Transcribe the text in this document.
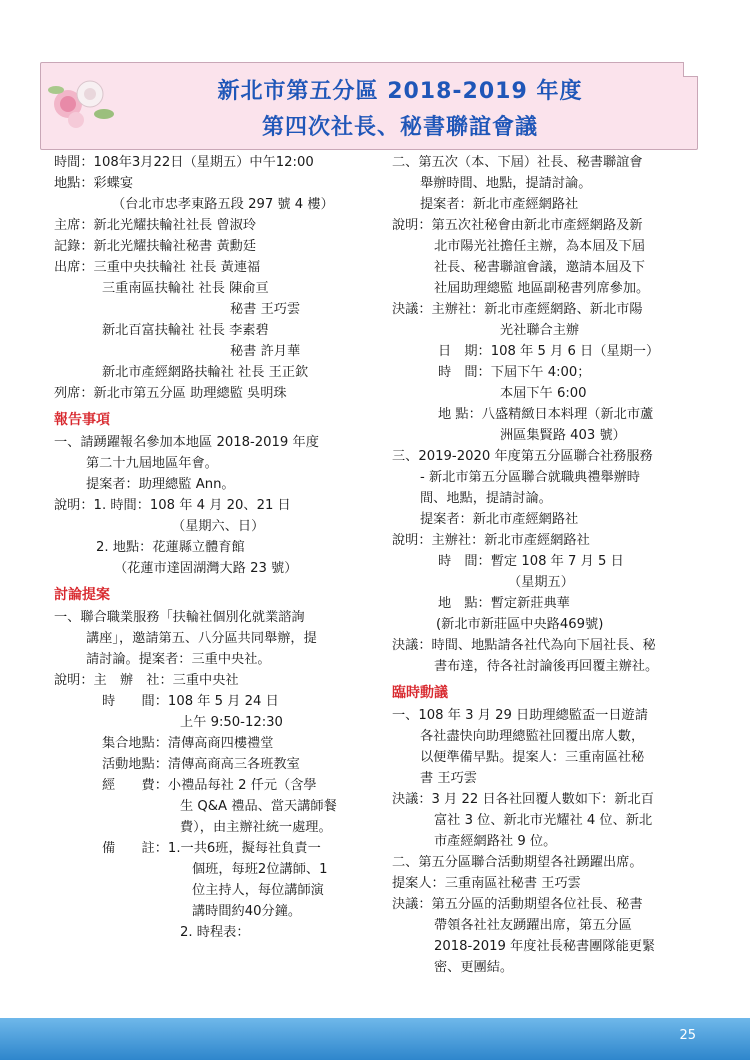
新北市第五分區 2018-2019 年度
第四次社長、秘書聯誼會議
時間：108年3月22日（星期五）中午12:00
地點：彩蝶宴
（台北市忠孝東路五段 297 號 4 樓）
主席：新北光耀扶輪社社長 曾淑玲
記錄：新北光耀扶輪社秘書 黃勳廷
出席：三重中央扶輪社 社長 黃連福
三重南區扶輪社 社長 陳俞亘
秘書 王巧雲
新北百富扶輪社 社長 李素碧
秘書 許月華
新北市產經網路扶輪社 社長 王正欽
列席：新北市第五分區 助理總監 吳明珠
報告事項
一、請踴躍報名參加本地區 2018-2019 年度
第二十九屆地區年會。
提案者：助理總監 Ann。
說明：1. 時間：108 年 4 月 20、21 日
（星期六、日）
2. 地點：花蓮縣立體育館
（花蓮市達固湖灣大路 23 號）
討論提案
一、聯合職業服務「扶輪社個別化就業諮詢
講座」，邀請第五、八分區共同舉辦，提
請討論。提案者：三重中央社。
說明：主　辦　社：三重中央社
時　　間：108 年 5 月 24 日
上午 9:50-12:30
集合地點：清傳高商四樓禮堂
活動地點：清傳高商高三各班教室
經　　費：小禮品每社 2 仟元（含學
生 Q&A 禮品、當天講師餐
費），由主辦社統一處理。
備　　註：1.一共6班，擬每社負責一
個班，每班2位講師、1
位主持人，每位講師演
講時間約40分鐘。
2. 時程表：
二、第五次（本、下屆）社長、秘書聯誼會
舉辦時間、地點，提請討論。
提案者：新北市產經網路社
說明：第五次社秘會由新北市產經網路及新
北市陽光社擔任主辦，為本屆及下屆
社長、秘書聯誼會議，邀請本屆及下
社屆助理總監 地區副秘書列席參加。
決議：主辦社：新北市產經網路、新北市陽
光社聯合主辦
日　期：108 年 5 月 6 日（星期一）
時　間：下屆下午 4:00；
本屆下午 6:00
地 點：八盛精緻日本料理（新北市蘆
洲區集賢路 403 號）
三、2019-2020 年度第五分區聯合社務服務
- 新北市第五分區聯合就職典禮舉辦時
間、地點，提請討論。
提案者：新北市產經網路社
說明：主辦社：新北市產經網路社
時　間：暫定 108 年 7 月 5 日
（星期五）
地　點：暫定新莊典華
(新北市新莊區中央路469號)
決議：時間、地點請各社代為向下屆社長、秘
書布達，待各社討論後再回覆主辦社。
臨時動議
一、108 年 3 月 29 日助理總監盃一日遊請
各社盡快向助理總監社回覆出席人數，
以便準備早點。提案人：三重南區社秘
書 王巧雲
決議：3 月 22 日各社回覆人數如下：新北百
富社 3 位、新北市光耀社 4 位、新北
市產經網路社 9 位。
二、第五分區聯合活動期望各社踴躍出席。
提案人：三重南區社秘書 王巧雲
決議：第五分區的活動期望各位社長、秘書
帶領各社社友踴躍出席，第五分區
2018-2019 年度社長秘書團隊能更緊
密、更團結。
25
